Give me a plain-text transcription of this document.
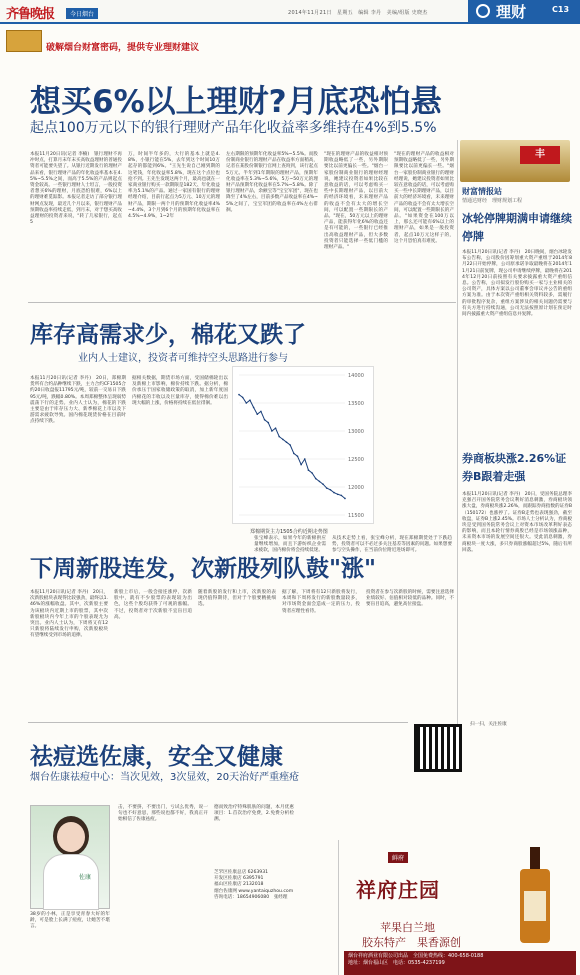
齐鲁晚报	今日烟台	2014年11月21日　星期五　编辑 李丹　美编/组版 史晓杰	理财	C13
破解烟台财富密码，提供专业理财建议
想买6%以上理财?月底恐怕悬
起点100万元以下的银行理财产品年化收益率多维持在4%到5.5%
本报11月20日讯(记者 李楠)　银行理财不再冲时点，打算月末年末买高收益理财的普通投资者可能要失望了。从银行近期发行的理财产品来看，银行理财产品的年化收益率基本在4.5%~5.5%之间，而高于5.5%的产品则起点资金较高。一些银行理财人士坦言，一般投资者想买6%的理财，月底恐怕很难，6%以上的理财难觅踪影。本报记者走访了部分银行理财网点发现，最近几个月以来，银行理财产品预期收益率持续走低，到月末，对于想买高收益理财的投资者来说，"转了几家银行，起点5
万，时间半年多的，大行的基本上就是4.8%，小银行能在5%，去年到这个时间10万起存的都能到6%。"王先生说自己刚到期的这笔钱，年化收益率5.8%，现在这个点位也抢不到。王先生发现这两个月，最高也就在一家商业银行购买一款期限是182天、年化收益率为5.1%的产品。通过一家国有银行的理财经理介绍，目前行起点为5万元、10万元的理财产品，期限一两个月的预期年化收益率4%~4.4%，3个月到6个月的预期年化收益率在4.5%~4.9%，1~2年
左右期限的预期年化收益率5%~5.5%。而股份制商业银行的理财产品在收益率方面稍高，记者在某股份制银行官网上查询到，该行起点5万元、半年到1年期限的理财产品，预期年化收益率在5.3%~5.6%，5万~50万元的理财产品预期年化收益率在5.7%~5.8%。除了银行理财产品，余额宝等"宝宝军团"，现在也降至了4%左右，目前多数产品收益率在4%~5%之间了，宝宝军团的收益率在4%左右徘徊。
"现在的理财产品的收益相对预期收益略低了一些，另外期限要比以前更偏长一些。"烟台一家股份制商业银行的理财经理说，她建议投资者如果比较在意收益的话，可以考虑购买一些中长期理财产品，以目前大的经济环境看，未来理财产品的收益不会有太大的增长空间，可以配置一些期限长的产品。"现在，50万元以上的理财产品，能获得年化6%的收益还是有可能的，一些银行已经推出高收益理财产品，但大多数投资者只能选择一些低门槛的理财产品。"
"现在的理财产品的收益相对预期收益略低了一些，另外期限要比以前更偏长一些。"烟台一家股份制商业银行的理财经理说，她建议投资者如果比较在意收益的话，可以考虑购买一些中长期理财产品，以目前大的经济环境看，未来理财产品的收益不会有太大增长空间，可以配置一些期限长的产品。"如果资金在100万以上，那么还可能有6%以上的理财产品，如果是一般投资者，起点10万元这样子的，这个月恐怕真有难度。
丰
财富情报站
情通达财经　理财规划工程
冰轮停牌期满申请继续停牌
本报11月20日讯(记者 李丹)　20日晚间，烟台冰轮发布公告称，公司股价因筹划重大资产重组于2014年8月22日开始停牌，公司原承诺争取最晚将在2014年11月21日前复牌，现公司申请继续停牌，最晚将在2014年12月20日前按照有关要求披露重大资产重组信息。公告称，公司拟发行股份购买一家与主业相关的公司资产，具体方案以公司董事会审议并公告的重组方案为准。由于本次资产重组相关资料较多，需履行的审批程序复杂，重组方案涉及的相关问题仍需要与有关方进行持续沟通，公司无法按照原计划在预定时间内披露重大资产重组信息并复牌。
券商板块涨2.26%证券B跟着走强
本报11月20日讯(记者 李丹)　20日，受国务院总理李克强召开国务院常务会议利好消息刺激，券商板块领涨大盘，券商板块涨2.26%，而跟踪券商指数的证券B（150172）也涨停了。证券B走势也表现强劲，截至收盘，证券B上涨2.45%。市场人士分析认为，券商板块是受到国务院常务会议上对资本市场改革利好表态的影响，而且本轮行情券商股已经是市场领涨品种，未来资本市场的发展空间还很大。受此消息刺激，券商板块一度大涨，多只券商股涨幅超过5%，随后有所回落。
库存高需求少，棉花又跌了
业内人士建议，投资者可维持空头思路进行参与
本报11月20日讯(记者 李丹)　20日，郑棉期货所有合约品种继续下跌，主力合约CF1505合约20日收盘报11795元/吨，较前一交易日下跌95元/吨，跌幅0.80%。本周郑棉整体呈现弱势震荡下行的走势。业内人士认为，棉花的下跌主要是由于库存压力大、新季棉花上市以及下游需求疲软导致。国内棉花现货价格在目前时点持续下跌。
据相关数据，期货市场方面，受国储棉轮出以及新棉上市影响，棉价持续下跌。据分析，棉价承压于国家收储政策的取消，加上新年度国内棉花的丰收以及巨量库存，使得棉价难以出现大幅的上涨，价格将持续在低位徘徊。
11500
12000
12500
13000
13500
14000
郑棉期货主力1505合约近期走势图
张宝峰表示，如果今年的新棉供应量继续增加，而且下游纺织企业需求疲软，国内棉价将会持续低迷。
从技术走势上看，张宝峰分析，现在郑棉期货处于下跌趋势，投资者可以不必过多关注基差等因素的问题。如果想要参与空头操作，在当前价位附近进场即可。
下周新股连发，次新股列队鼓"涨"
本报11月20日讯(记者 李丹)　20日，次新股板块表现得比较强劲，最终以1.46%的涨幅收盘。其中，次新股主要为该板块内近期上市的股票，其中次新股板块内今年上市的个股表现尤为突出。业内人士认为，下周将又有12只新股将陆续发行申购，次新股板块有望继续受到市场的追捧。
新股上市后，一般会接连涨停，次新股中，就有不少股票的表现较为出色，这些个股均获得了可观的涨幅。不过，投资者对于次新股不宜盲目追高。
随着新股的发行和上市，次新股的表现仍值得期待，但对于个股要精挑细选。
据了解，下周将有12只新股将发行，本周和下周将发行的新股数量较多，对市场资金面会造成一定的压力，投资者应理性看待。
投资者在参与次新股的时候，需要注意选择业绩较好、估值相对较低的品种。同时，不要盲目追高，避免高位接盘。
祛痘选佐康，安全又健康
烟台佐康祛痘中心：当次见效，3次显效，20天治好严重痤疮
佐康
38岁的小林，正是享受青春大好的年龄，可是脸上长满了痘痘，让她苦不堪言。
击，不要挤，不要出门，亏试么优秀，说一句也不好意思，那些说也都不好，我真正开始相信了佐康祛痘。
德而致治疗特殊肌肤的问题，本月优惠项目：1.首次治疗免费，2.免费分析检测。
芝罘区佐康总店 6263931
开发区佐康店 6395791
福山区佐康店 2132018
烟台佐康网 www.yantaiquzhou.com
咨询电话：18654906080　张经理
扫一扫，关注佐康
鲜府
祥府庄园
苹果白兰地
胶东特产　果香源创
烟台祥府酒业有限公司出品　全国免费热线：400-658-0188
地址：烟台福山区　电话：0535-4237199
